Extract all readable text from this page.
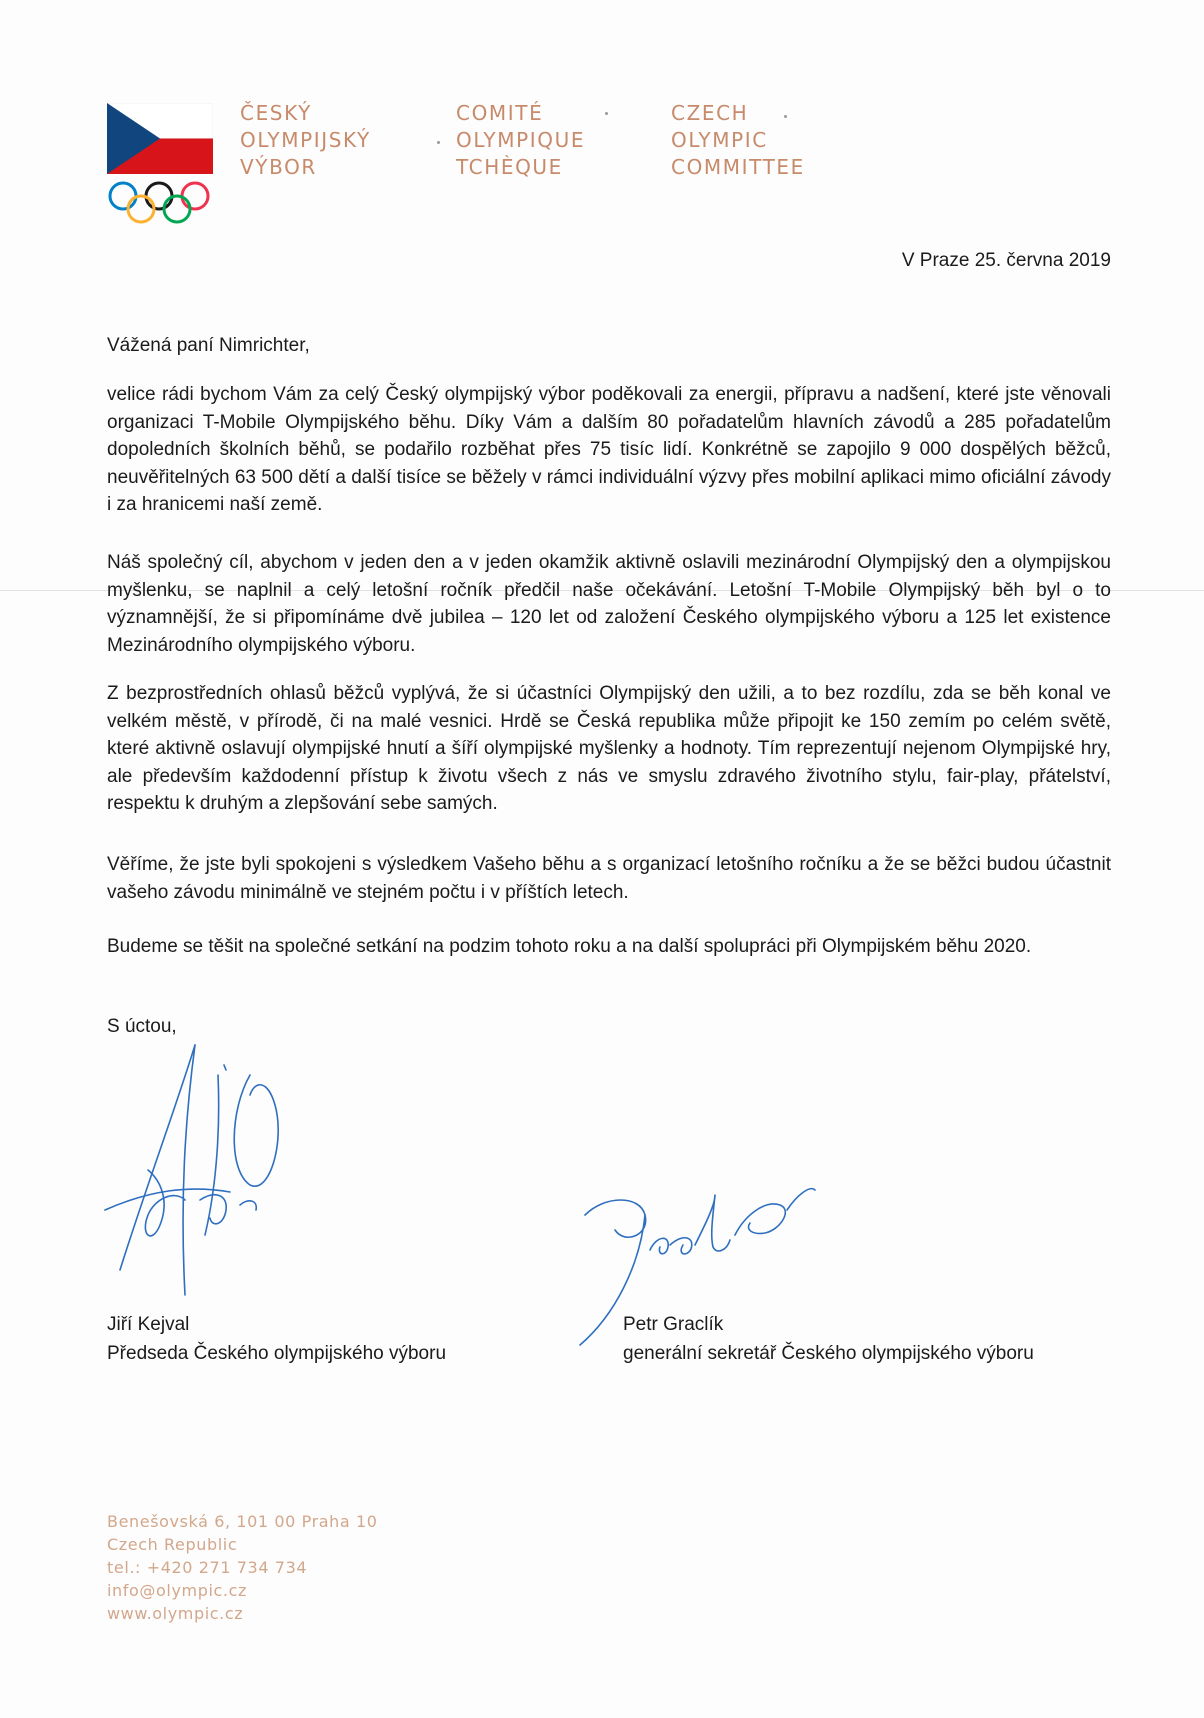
ČESKÝ
OLYMPIJSKÝ
VÝBOR
COMITÉ
OLYMPIQUE
TCHÈQUE
CZECH
OLYMPIC
COMMITTEE
V Praze 25. června 2019
Vážená paní Nimrichter,

velice rádi bychom Vám za celý Český olympijský výbor poděkovali za energii, přípravu a nadšení, které jste věnovali organizaci T-Mobile Olympijského běhu. Díky Vám a dalším 80 pořadatelům hlavních závodů a 285 pořadatelům dopoledních školních běhů, se podařilo rozběhat přes 75 tisíc lidí. Konkrétně se zapojilo 9 000 dospělých běžců, neuvěřitelných 63 500 dětí a další tisíce se běžely v rámci individuální výzvy přes mobilní aplikaci mimo oficiální závody i za hranicemi naší země.

Náš společný cíl, abychom v jeden den a v jeden okamžik aktivně oslavili mezinárodní Olympijský den a olympijskou myšlenku, se naplnil a celý letošní ročník předčil naše očekávání. Letošní T-Mobile Olympijský běh byl o to významnější, že si připomínáme dvě jubilea – 120 let od založení Českého olympijského výboru a 125 let existence Mezinárodního olympijského výboru.

Z bezprostředních ohlasů běžců vyplývá, že si účastníci Olympijský den užili, a to bez rozdílu, zda se běh konal ve velkém městě, v přírodě, či na malé vesnici. Hrdě se Česká republika může připojit ke 150 zemím po celém světě, které aktivně oslavují olympijské hnutí a šíří olympijské myšlenky a hodnoty. Tím reprezentují nejenom Olympijské hry, ale především každodenní přístup k životu všech z nás ve smyslu zdravého životního stylu, fair-play, přátelství, respektu k druhým a zlepšování sebe samých.

Věříme, že jste byli spokojeni s výsledkem Vašeho běhu a s organizací letošního ročníku a že se běžci budou účastnit vašeho závodu minimálně ve stejném počtu i v příštích letech.

Budeme se těšit na společné setkání na podzim tohoto roku a na další spolupráci při Olympijském běhu 2020.

S úctou,
Jiří Kejval
Předseda Českého olympijského výboru
Petr Graclík
generální sekretář Českého olympijského výboru
Benešovská 6, 101 00 Praha 10
Czech Republic
tel.: +420 271 734 734
info@olympic.cz
www.olympic.cz
